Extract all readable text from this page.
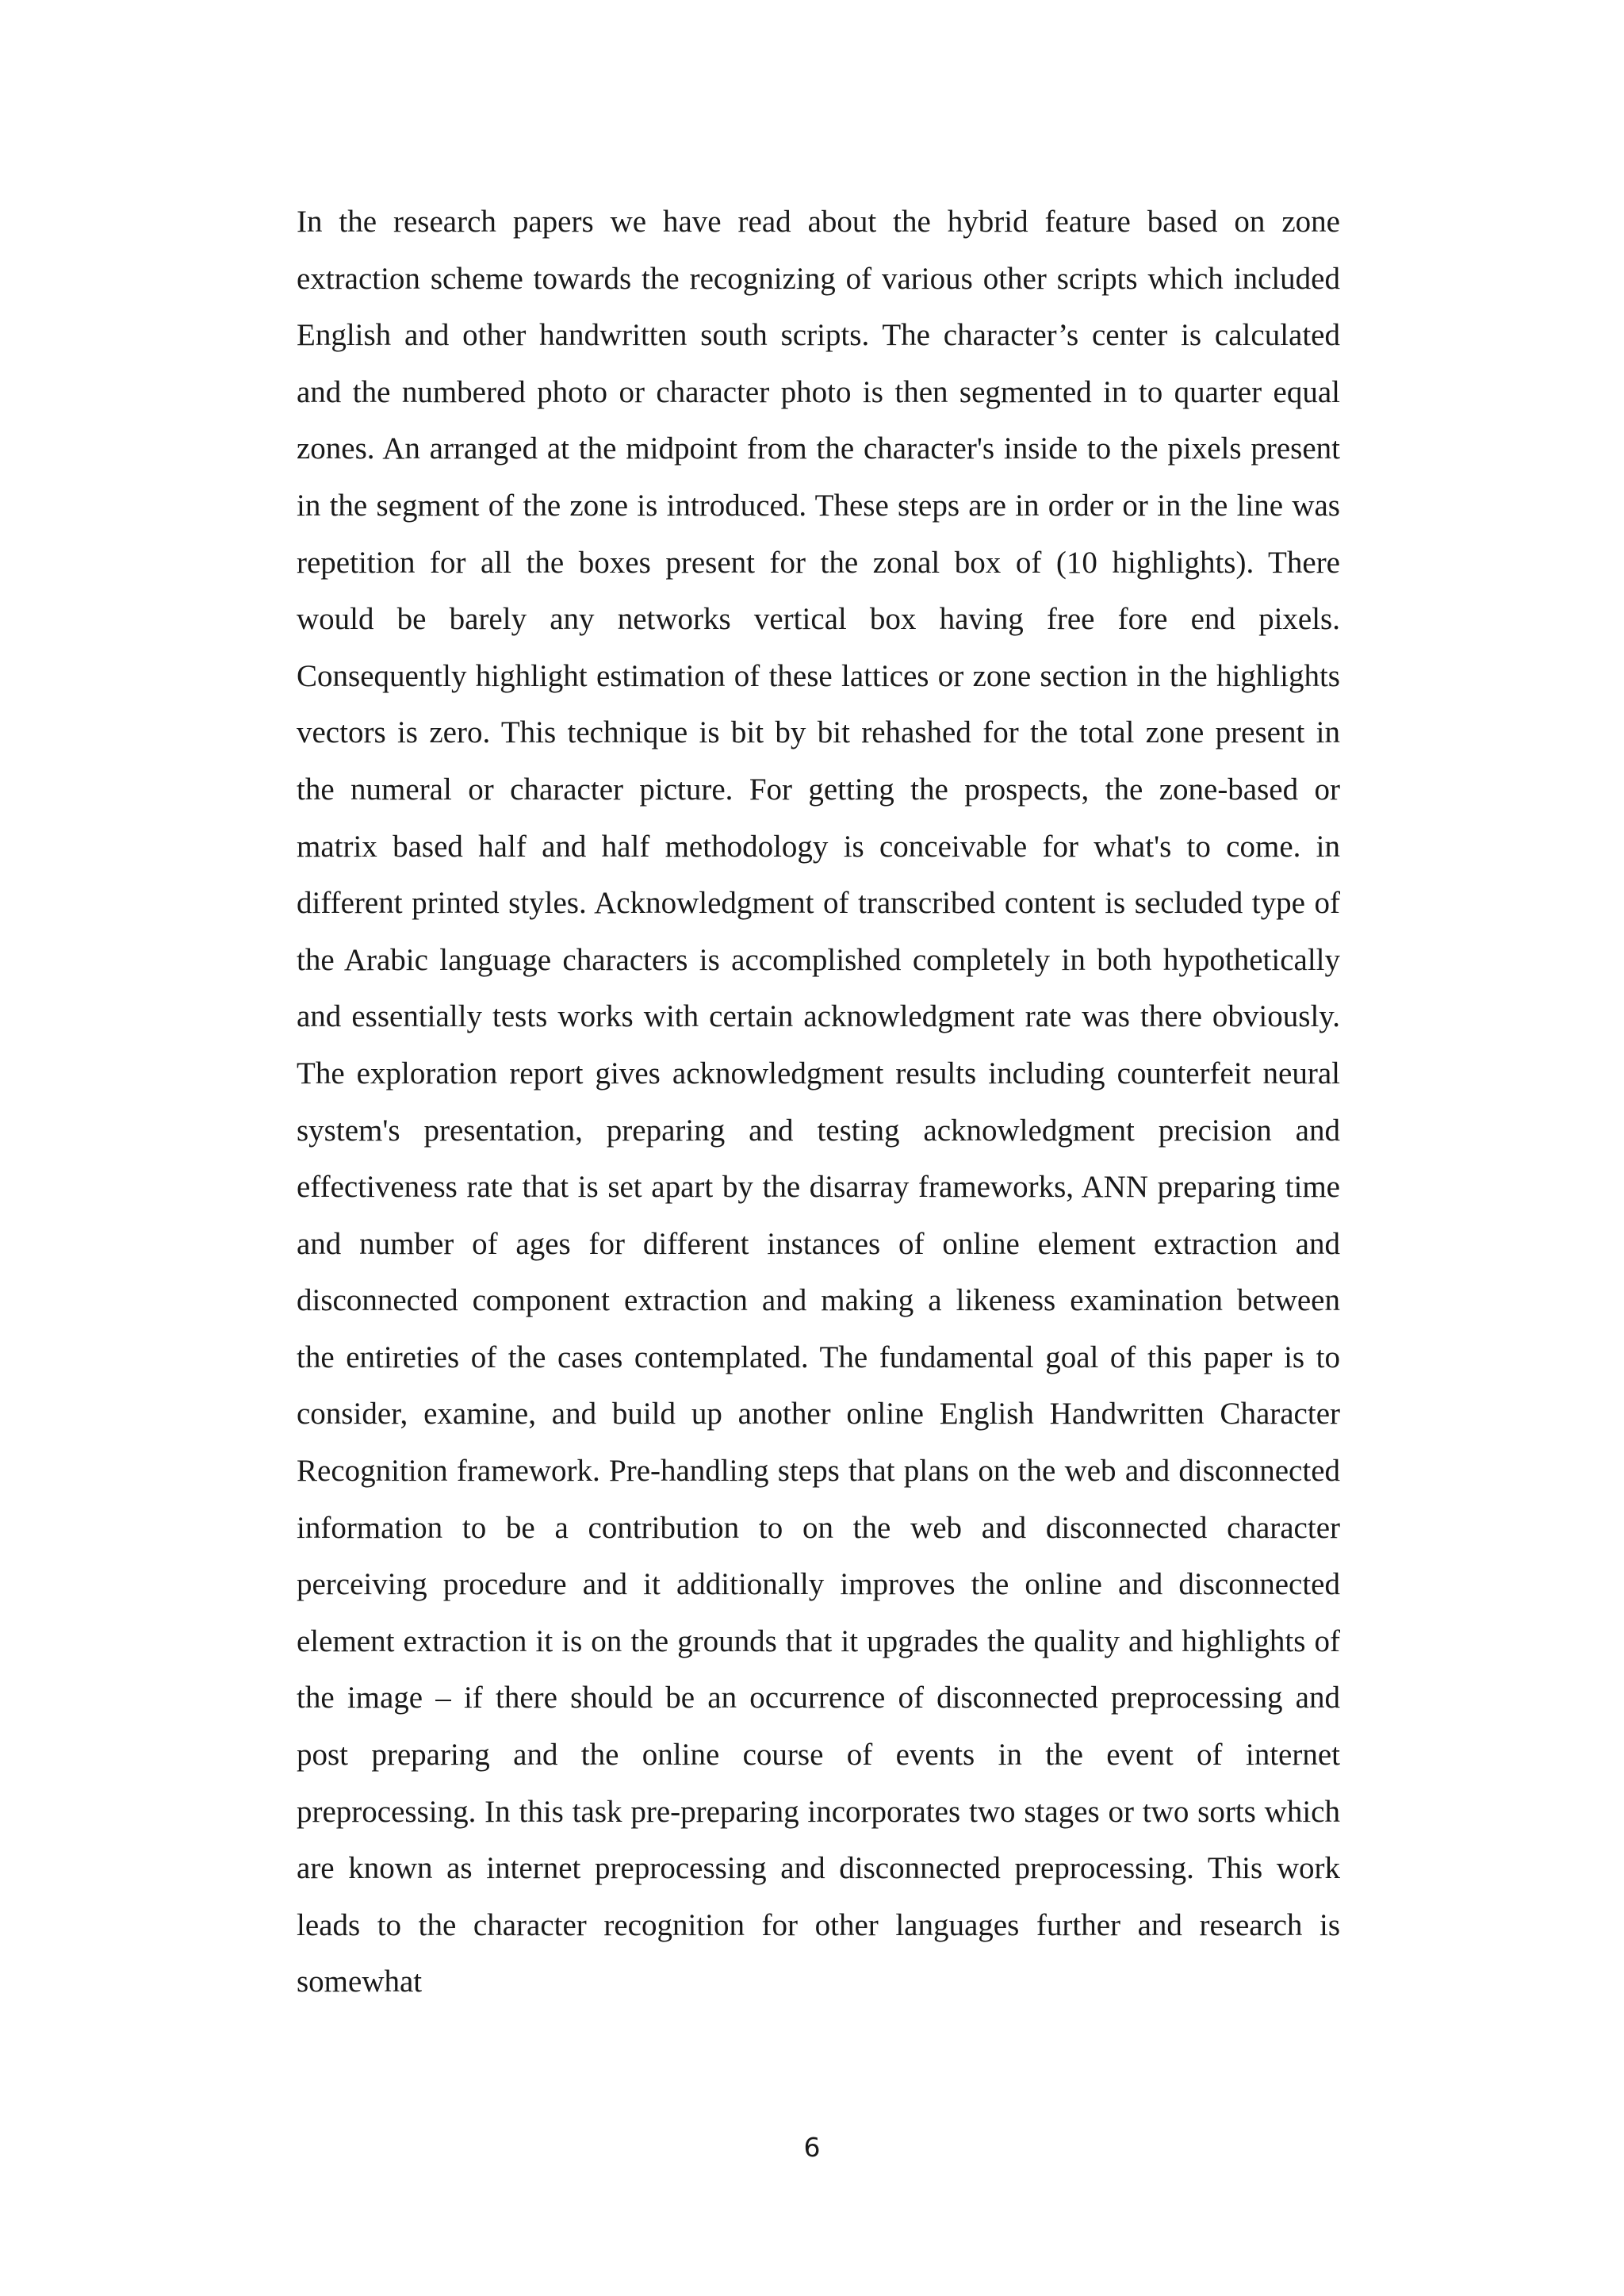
In the research papers we have read about the hybrid feature based on zone extraction scheme towards the recognizing of various other scripts which included English and other handwritten south scripts. The character’s center is calculated and the numbered photo or character photo is then segmented in to quarter equal zones. An arranged at the midpoint from the character's inside to the pixels present in the segment of the zone is introduced. These steps are in order or in the line was repetition for all the boxes present for the zonal box of (10 highlights). There would be barely any networks vertical box having free fore end pixels. Consequently highlight estimation of these lattices or zone section in the highlights vectors is zero. This technique is bit by bit rehashed for the total zone present in the numeral or character picture. For getting the prospects, the zone-based or matrix based half and half methodology is conceivable for what's to come. in different printed styles. Acknowledgment of transcribed content is secluded type of the Arabic language characters is accomplished completely in both hypothetically and essentially tests works with certain acknowledgment rate was there obviously. The exploration report gives acknowledgment results including counterfeit neural system's presentation, preparing and testing acknowledgment precision and effectiveness rate that is set apart by the disarray frameworks, ANN preparing time and number of ages for different instances of online element extraction and disconnected component extraction and making a likeness examination between the entireties of the cases contemplated. The fundamental goal of this paper is to consider, examine, and build up another online English Handwritten Character Recognition framework. Pre-handling steps that plans on the web and disconnected information to be a contribution to on the web and disconnected character perceiving procedure and it additionally improves the online and disconnected element extraction it is on the grounds that it upgrades the quality and highlights of the image – if there should be an occurrence of disconnected preprocessing and post preparing and the online course of events in the event of internet preprocessing. In this task pre-preparing incorporates two stages or two sorts which are known as internet preprocessing and disconnected preprocessing. This work leads to the character recognition for other languages further and research is somewhat

6
